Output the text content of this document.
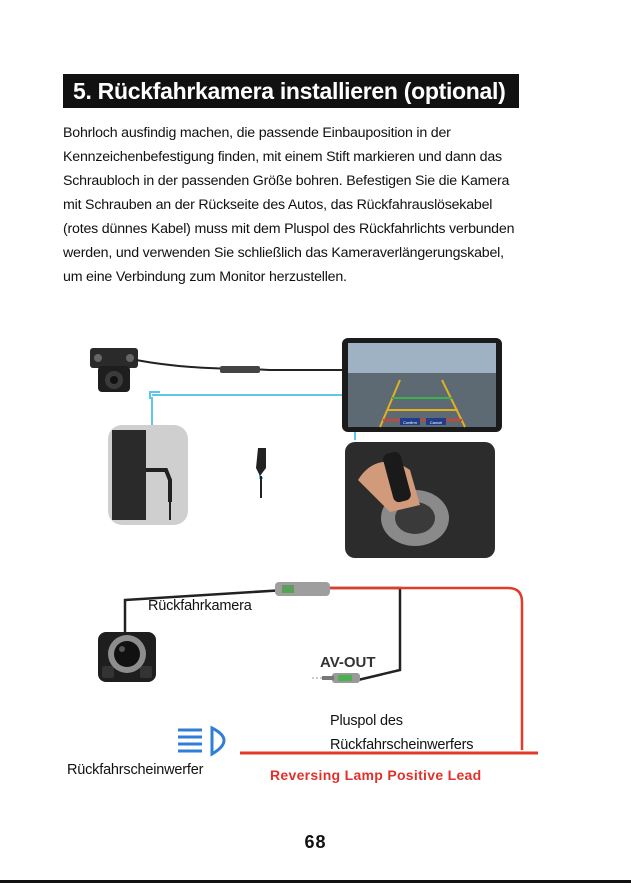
5. Rückfahrkamera installieren (optional)
Bohrloch ausfindig machen, die passende Einbauposition in der
Kennzeichenbefestigung finden, mit einem Stift markieren und dann das
Schraubloch in der passenden Größe bohren. Befestigen Sie die Kamera
mit Schrauben an der Rückseite des Autos, das Rückfahrauslösekabel
(rotes dünnes Kabel) muss mit dem Pluspol des Rückfahrlichts verbunden
werden, und verwenden Sie schließlich das Kameraverlängerungskabel,
um eine Verbindung zum Monitor herzustellen.
Confirm	Cancel
AV-OUT
Reversing Lamp Positive Lead
Rückfahrkamera
Pluspol des
Rückfahrscheinwerfers
Rückfahrscheinwerfer
68
